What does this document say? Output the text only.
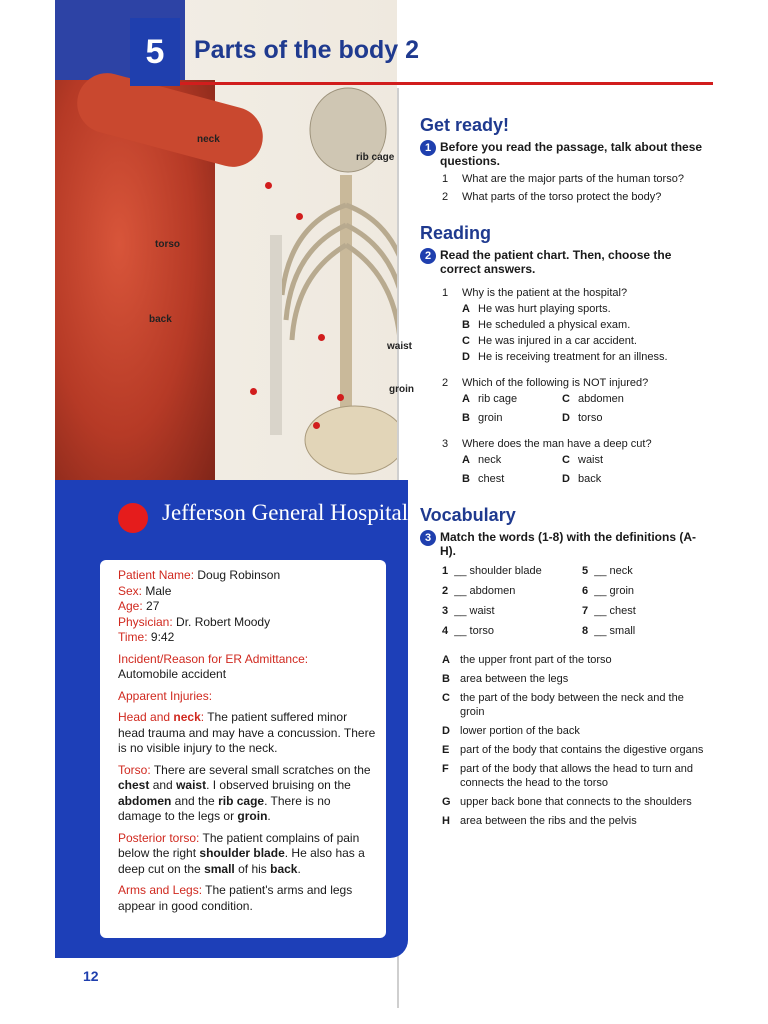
neck
rib cage
torso
back
waist
groin
5	Parts of the body 2
Jefferson General Hospital
Patient Name: Doug Robinson
Sex: Male
Age: 27
Physician: Dr. Robert Moody

Time: 9:42

Incident/Reason for ER Admittance:
Automobile accident

Apparent Injuries:

Head and neck: The patient suffered minor head trauma and may have a concussion. There is no visible injury to the neck.

Torso: There are several small scratches on the chest and waist. I observed bruising on the abdomen and the rib cage. There is no damage to the legs or groin.

Posterior torso: The patient complains of pain below the right shoulder blade. He also has a deep cut on the small of his back.

Arms and Legs: The patient's arms and legs appear in good condition.

12

Get ready!

1 Before you read the passage, talk about these questions.
1	What are the major parts of the human torso?
2	What parts of the torso protect the body?

Reading

2 Read the patient chart. Then, choose the correct answers.
1	Why is the patient at the hospital?
A He was hurt playing sports.
B He scheduled a physical exam.
C He was injured in a car accident.
D He is receiving treatment for an illness.
2	Which of the following is NOT injured?
A rib cage	C abdomen
B groin	D torso
3	Where does the man have a deep cut?
A neck	C waist
B chest	D back

Vocabulary

3 Match the words (1-8) with the definitions (A-H).
1 __ shoulder blade	5 __ neck
2 __ abdomen	6 __ groin
3 __ waist	7 __ chest
4 __ torso	8 __ small
A the upper front part of the torso
B area between the legs
C the part of the body between the neck and the groin
D lower portion of the back
E part of the body that contains the digestive organs
F part of the body that allows the head to turn and connects the head to the torso
G upper back bone that connects to the shoulders
H area between the ribs and the pelvis
